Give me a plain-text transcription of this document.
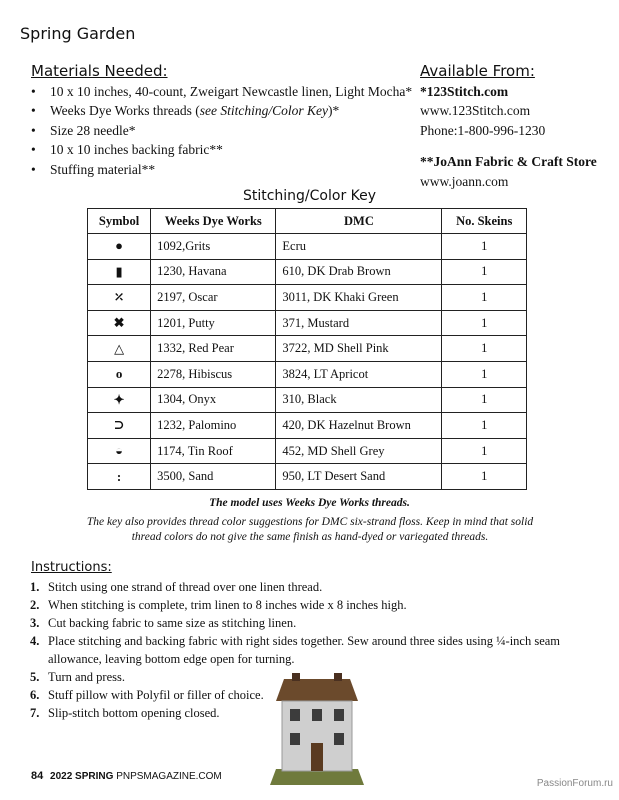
Spring Garden
Materials Needed:
• 10 x 10 inches, 40-count, Zweigart Newcastle linen, Light Mocha*
• Weeks Dye Works threads (see Stitching/Color Key)*
• Size 28 needle*
• 10 x 10 inches backing fabric**
• Stuffing material**
Available From:
*123Stitch.com
www.123Stitch.com
Phone:1-800-996-1230
**JoAnn Fabric & Craft Store
www.joann.com
Stitching/Color Key
Symbol	Weeks Dye Works	DMC	No. Skeins
●	1092,Grits	Ecru	1
▮	1230, Havana	610, DK Drab Brown	1
⤫	2197, Oscar	3011, DK Khaki Green	1
✖	1201, Putty	371, Mustard	1
△	1332, Red Pear	3722, MD Shell Pink	1
o	2278, Hibiscus	3824, LT Apricot	1
✦	1304, Onyx	310, Black	1
⊃	1232, Palomino	420, DK Hazelnut Brown	1
◒	1174, Tin Roof	452, MD Shell Grey	1
:	3500, Sand	950, LT Desert Sand	1
The model uses Weeks Dye Works threads.
The key also provides thread color suggestions for DMC six-strand floss. Keep in mind that solid thread colors do not give the same finish as hand-dyed or variegated threads.
Instructions:
1. Stitch using one strand of thread over one linen thread.
2. When stitching is complete, trim linen to 8 inches wide x 8 inches high.
3. Cut backing fabric to same size as stitching linen.
4. Place stitching and backing fabric with right sides together. Sew around three sides using ¼-inch seam allowance, leaving bottom edge open for turning.
5. Turn and press.
6. Stuff pillow with Polyfil or filler of choice.
7. Slip-stitch bottom opening closed.
84 2022 SPRING PNPSMAGAZINE.COM
PassionForum.ru
